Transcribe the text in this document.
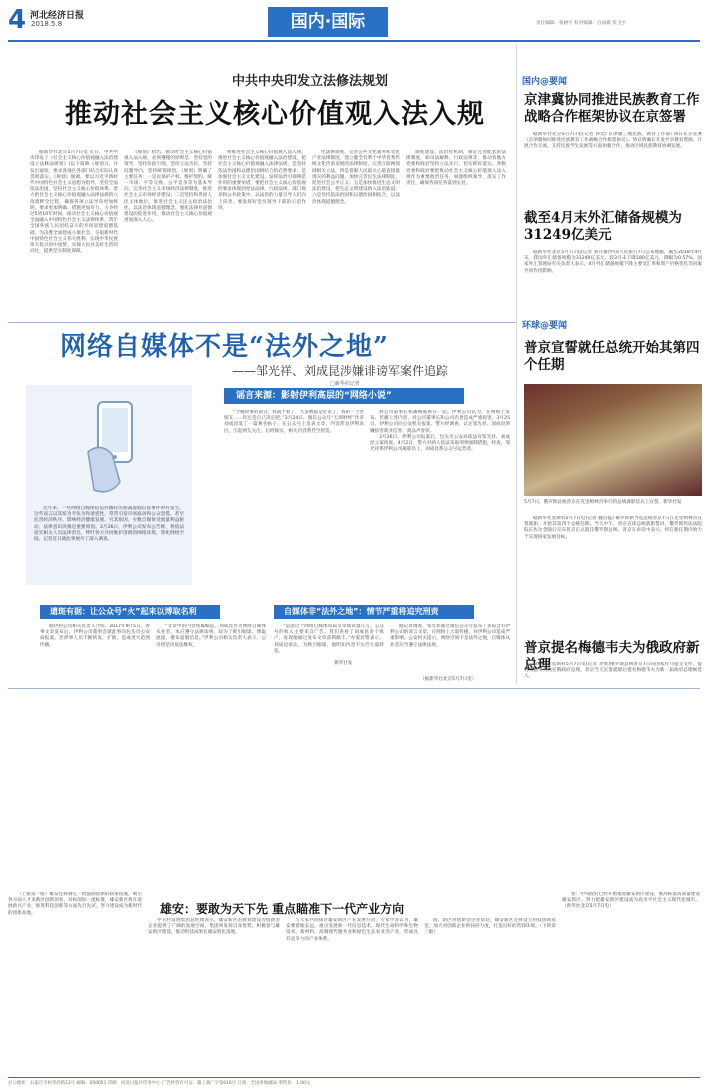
4 河北经济日报
2018.5.8	国内·国际	责任编辑：张树宇 校对编辑：白雨霜 张飞宇
中共中央印发立法修法规划
推动社会主义核心价值观入法入规

据新华社北京5月7日电 近日，中共中央印发了《社会主义核心价值观融入法治建设立法修法规划》(以下简称《规划》)，并发出通知，要求各地区各部门结合实际认真贯彻落实。《规划》强调，要以习近平新时代中国特色社会主义思想为指导，坚持全面依法治国，坚持社会主义核心价值体系，着力把社会主义核心价值观融入法律法规的立改废释全过程，确保各项立法导向更加鲜明、要求更加明确、措施更加有力，力争经过5到10年时间，推动社会主义核心价值观全面融入中国特色社会主义法律体系，筑牢全国各族人民团结奋斗的共同思想道德基础，为决胜全面建成小康社会、夺取新时代中国特色社会主义伟大胜利、实现中华民族伟大复兴的中国梦，实现人民对美好生活的向往，提供坚实制度保障。

《规划》指出，推动社会主义核心价值观入法入规，必须遵循的原则是：坚持党的领导，坚持价值引领，坚持立法为民，坚持问题导向，坚持统筹推进。《规划》明确了主要任务：一是以保护产权、维护契约、统一市场、平等交换、公平竞争等为基本导向，完善社会主义市场经济法律制度，推进社会主义市场经济建设；二是坚持和巩固人民主体地位，推进社会主义民主政治法治化，以法治体现道德理念、强化法律对道德建设的促进作用，推动社会主义核心价值观更加深入人心。

快推进社会主义核心价值观入法入规。推进社会主义核心价值观融入法治建设，把社会主义核心价值观融入法律法规，是坚持依法治国和以德治国相结合的必然要求，是加强社会主义文化建设、发挥法治引领规范作用的重要举措。要把社会主义核心价值观的要求体现到宪法法律、行政法规、部门规章和公共政策中，以法治的力量引导人们向上向善。要发挥好党员领导干部的示范作用。

化法律制度，完善公共文化服务和文化产业法律制度，建立健全有利于中华优秀传统文化传承发展的法律制度，完善互联网领域相关立法，四是着眼人民最关心最直接最现实的利益问题，加快完善民生法律制度，促进社会公平正义；五是加快推进生态文明法治建设，把生态文明建设纳入法治轨道；六是坚持依法治国和以德治国相结合，以法治体现道德理念。

制度建设、法治化机制，制定完善配套的法律制度，如司法解释、行政法规等，推动各地方党委和政府坚持立法先行，切实抓好落实。各级党委和政府要把推动社会主义核心价值观入法入规作为重要政治任务，加强组织领导，落实工作责任，确保各项任务落到实处。

网络自媒体不是“法外之地”
——邹光祥、刘成昆涉嫌诽谤军案件追踪
□新华社记者

近年来，一些网络自媒体借造传播轻历损减虚假信息事件时有发生。这些谣言以其炫为夸张为和迷惑性，常常引发市场波动和公众恐慌，甚至危害经济秩序、影响经济健康发展。究其原因，少数自媒体受流量利益驱动、法律意识淡薄是重要原因。3月26日，伊利公司发布公告称，将依法追究相关人员法律责任，呼吁各方共同维护清朗的网络环境，净化网络空间。记者近日就此事展开了深入调查。

谣言来源：影射伊利高层的“网络小说”

“今晚故事的部分，我就不看了，大多数都是呓语了，我的一个老朋友……你还是自己决定吧。”3月24日，微信公众号“天津财经”作者刘成昆发了一篇署名帖子，在公众号上发表文章，内容涉及伊利高层，引起网友关注。后经核实，相关内容系凭空捏造。

利公司董事长和潘刚联系在一起。伊利公司认为，在网络上发布、传播上述内容，对公司董事长和公司名誉造成严重损害。3月25日，伊利公司向公安机关报案。警方经调查，认定邹光祥、刘成昆涉嫌损害商业信誉、商品声誉罪。

3月26日，伊利公司报案后，包头市公安局依法对邹光祥、刘成昆立案侦查。4月2日，警方对两人依法采取刑事强制措施。经查，邹光祥系伊利公司离职员工，刘成昆系公众号运营者。

新华社发
遗斑有据：让公众号“火”起来以博取名利	自媒体非“法外之地”：情节严重将追究刑责

据伊利公司相关负责人介绍，2017年9月5日，涉事文章发布后，伊利公司董事会就此事向包头市公安局报案。但涉事人员不断转发、扩散，造成更大范围传播。

“文章中的内容纯属编造，刘成昆作为网络自媒体从业者，本应遵守法律法规，却为了吸引眼球、博取流量，散布虚假信息。”伊利公司相关负责人表示，公司将坚决依法维权。

“造谣这个网络自媒体每篇文章阅读量几万，公众号的收入主要来自广告。我们查看了刘成昆多个账户，发现他通过发布文章获利颇丰。”办案民警表示。刘成昆承认，为吸引眼球，他明知内容不实仍大量转发。

据记者调查，邹光祥通过微信公众号发布了多篇含有伊利公司的谣言文章，在网络上大量传播，对伊利公司造成严重影响。公安机关提示，网络空间不是法外之地，自媒体从业者应当遵守法律法规。

（据新华社北京5月7日电）
国内@要闻
京津冀协同推进民族教育工作战略合作框架协议在京签署

据新华社北京5月7日电(记者 孙奕) 京津冀三地民族、教育工作部门6日在京签署《京津冀协同推进民族教育工作战略合作框架协议》。协议明确在开发共享教育资源、开展合作交流、支持民族学生发展等方面加强合作，推动区域民族教育协调发展。

截至4月末外汇储备规模为31249亿美元

据新华社北京5月7日电(记者 刘开雄)中国人民银行7日公布数据，截至2018年4月末，我国外汇储备规模为31249亿美元，较3月末下降180亿美元，降幅为0.57%。国家外汇管理局有关负责人表示，4月外汇储备规模下降主要受汇率和资产价格变化等因素共同作用影响。

环球@要闻
普京宣誓就任总统开始其第四个任期
5月7日，俄罗斯总统普京在克里姆林宫举行的总统就职仪式上宣誓。新华社发

据新华社莫斯科5月7日电(记者 魏良磊) 俄罗斯新当选总统普京7日在克里姆林宫宣誓就职，开始其第四个总统任期。当天中午，普京宣读总统就职誓词，俄罗斯宪法法院院长佐尔金随后宣布普京正式就任俄罗斯总统。普京在讲话中表示，将在新任期内致力于实现国家发展目标。

普京提名梅德韦夫为俄政府新总理

据新华社莫斯科5月7日电(记者 李奥)俄罗斯总统普京7日向国家杜马提交文件，提名梅德韦夫出任俄政府总理。普京当天宣誓就职后提名梅德韦夫为新一届政府总理候选人。

（上接第一版）雄安还将制定一批鼓励创新的政策措施，吸引各方面人才来新区创新创业。对标国际一流标准，雄安新区将在发展新兴产业、推进科技创新等方面先行先试，努力建设成为新时代的创新高地。	雄安：要敢为天下先 重点瞄准下一代产业方向

中关村发展集团总经理表示，雄安新区的规划建设为创新型企业提供了广阔的发展空间，集团将发挥自身优势，积极参与雄安新区建设，推动科技成果在雄安转化落地。

与大家共同探讨雄安新区产业发展方向，专家学者认为，雄安要着眼长远，重点发展新一代信息技术、现代生命科学和生物技术、新材料、高端现代服务业和绿色生态农业等产业，形成具有竞争力的产业体系。

间，新区对创新型企业欢迎，雄安新区还将设立科技创新基金，加大对创新企业的扶持力度，打造良好的营商环境。（下转第三版）

智：中央政府已经开始推进雄安新区建设，要高标准高质量建设雄安新区，努力把雄安新区建设成为高水平社会主义现代化城市。（新华社北京5月7日电）

办公地址：石家庄市裕华西路12号 邮编：050051 印刷：河北日报社印务中心 广告经营许可证：冀工商广字第016号 订阅：全国各地邮局 零售价：1.00元
